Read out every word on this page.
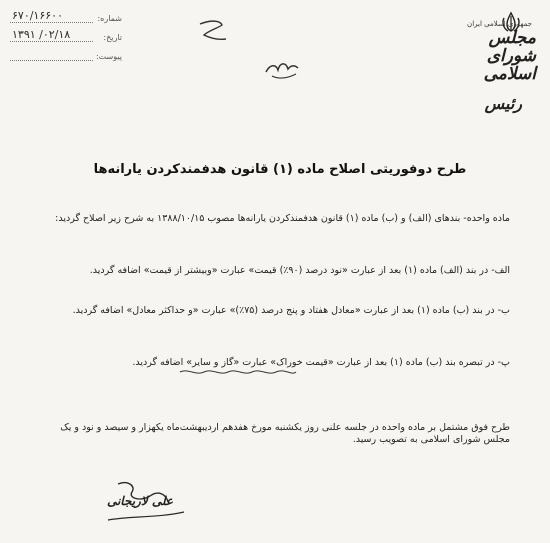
شماره:
۶۷۰/۱۶۶۰۰
تاریخ:
۱۳۹۱ /۰۲/۱۸
پیوست:
جمهوری اسلامی ایران
مجلس شورای اسلامی
رئیس
طرح دوفوریتی اصلاح ماده (۱) قانون هدفمندکردن یارانه‌ها

ماده واحده- بندهای (الف) و (ب) ماده (۱) قانون هدفمندکردن یارانه‌ها مصوب ۱۳۸۸/۱۰/۱۵ به شرح زیر اصلاح گردید:

الف- در بند (الف) ماده (۱) بعد از عبارت «نود درصد (۹۰٪) قیمت» عبارت «وبیشتر از قیمت» اضافه گردید.

ب- در بند (ب) ماده (۱) بعد از عبارت «معادل هفتاد و پنج درصد (۷۵٪)» عبارت «و حداکثر معادل» اضافه گردید.

پ- در تبصره بند (ب) ماده (۱) بعد از عبارت «قیمت خوراک» عبارت «گاز و سایر» اضافه گردید.

طرح فوق مشتمل بر ماده واحده در جلسه علنی روز یکشنبه مورخ هفدهم اردیبهشت‌ماه یکهزار و سیصد و نود و یک مجلس شورای اسلامی به تصویب رسید.

علی لاریجانی
